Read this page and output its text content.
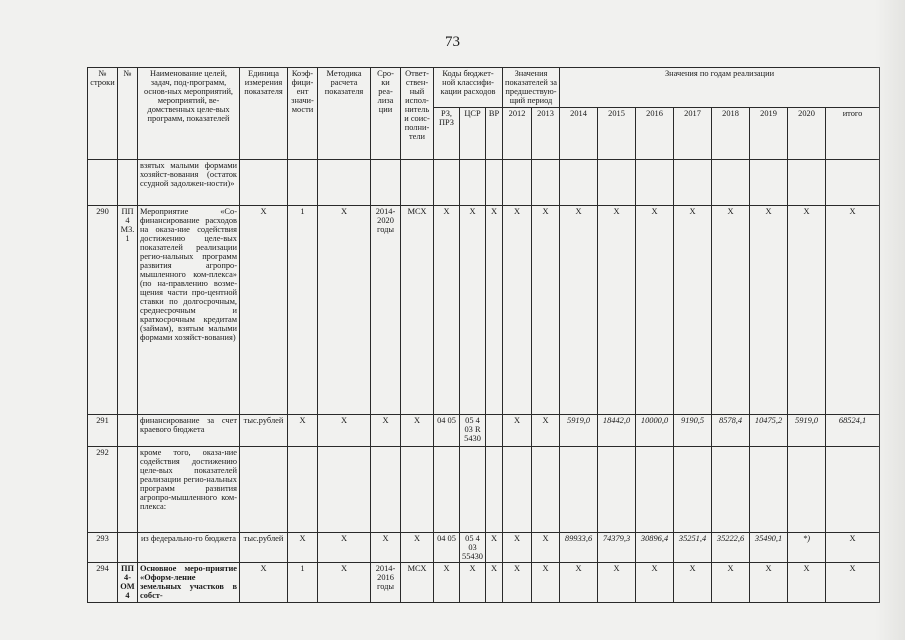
73
№ строки	№	Наименование целей, задач, под-программ, основ-ных мероприятий, мероприятий, ве-домственных целе-вых программ, показателей	Единица измерения показателя	Коэф-фици-ент значи-мости	Методика расчета показателя	Сро-ки реа-лиза ции	Ответ-ствен-ный испол-нитель и соис-полни-тели	Коды бюджет-ной классифи-кации расходов			Значения показателей за предшествую-щий период		Значения по годам реализации							
								РЗ, ПРЗ	ЦСР	ВР	2012	2013	2014	2015	2016	2017	2018	2019	2020	итого
		взятых малыми формами хозяйст-вования (остаток ссудной задолжен-ности)»																		
290	ПП4 М3.1	Мероприятие «Со-финансирование расходов на оказа-ние содействия достижению целе-вых показателей реализации регио-нальных программ развития агропро-мышленного ком-плекса» (по на-правлению возме-щения части про-центной ставки по долгосрочным, среднесрочным и краткосрочным кредитам (займам), взятым малыми формами хозяйст-вования)	Х	1	Х	2014-2020 годы	МСХ	Х	Х	Х	Х	Х	Х	Х	Х	Х	Х	Х	Х	Х
291		финансирование за счет краевого бюджета	тыс.рублей	Х	Х	Х	Х	04 05	05 4 03 R 5430		Х	Х	5919,0	18442,0	10000,0	9190,5	8578,4	10475,2	5919,0	68524,1
292		кроме того, оказа-ние содействия достижению целе-вых показателей реализации регио-нальных программ развития агропро-мышленного ком-плекса:																		
293		из федерально-го бюджета	тыс.рублей	Х	Х	Х	Х	04 05	05 4 03 55430	Х	Х	Х	89933,6	74379,3	30896,4	35251,4	35222,6	35490,1	*)	Х
294	ПП4-ОМ4	Основное меро-приятие «Оформ-ление земельных участков в собст-	Х	1	Х	2014-2016 годы	МСХ	Х	Х	Х	Х	Х	Х	Х	Х	Х	Х	Х	Х	Х
